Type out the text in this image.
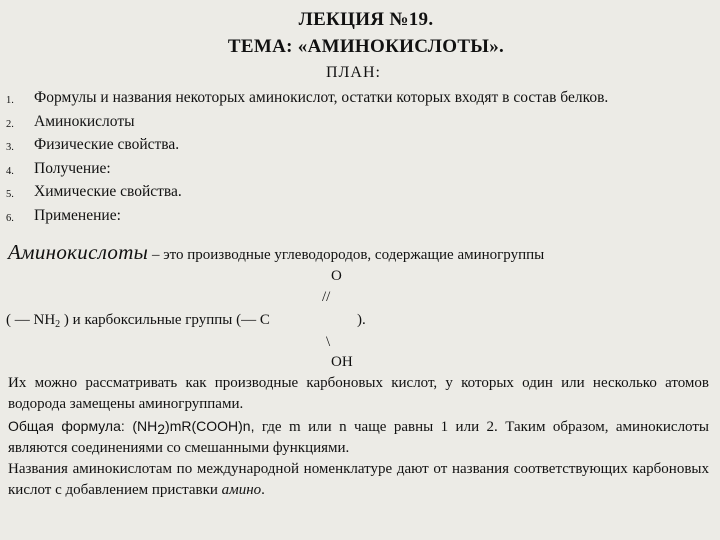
ЛЕКЦИЯ №19.
ТЕМА: «АМИНОКИСЛОТЫ».
ПЛАН:
1. Формулы и названия некоторых аминокислот, остатки которых входят в состав белков.
2. Аминокислоты
3. Физические свойства.
4. Получение:
5. Химические свойства.
6. Применение:
Аминокислоты – это производные углеводородов, содержащие аминогруппы
О
//
( — $NH_2$ ) и карбоксильные группы (— С	).
\
ОН

Их можно рассматривать как производные карбоновых кислот, у которых один или несколько атомов водорода замещены аминогруппами.

Общая формула: $(NH_2)mR(COOH)n$, где m или n чаще равны 1 или 2. Таким образом, аминокислоты являются соединениями со смешанными функциями.

Названия аминокислотам по международной номенклатуре дают от названия соответствующих карбоновых кислот с добавлением приставки амино.
